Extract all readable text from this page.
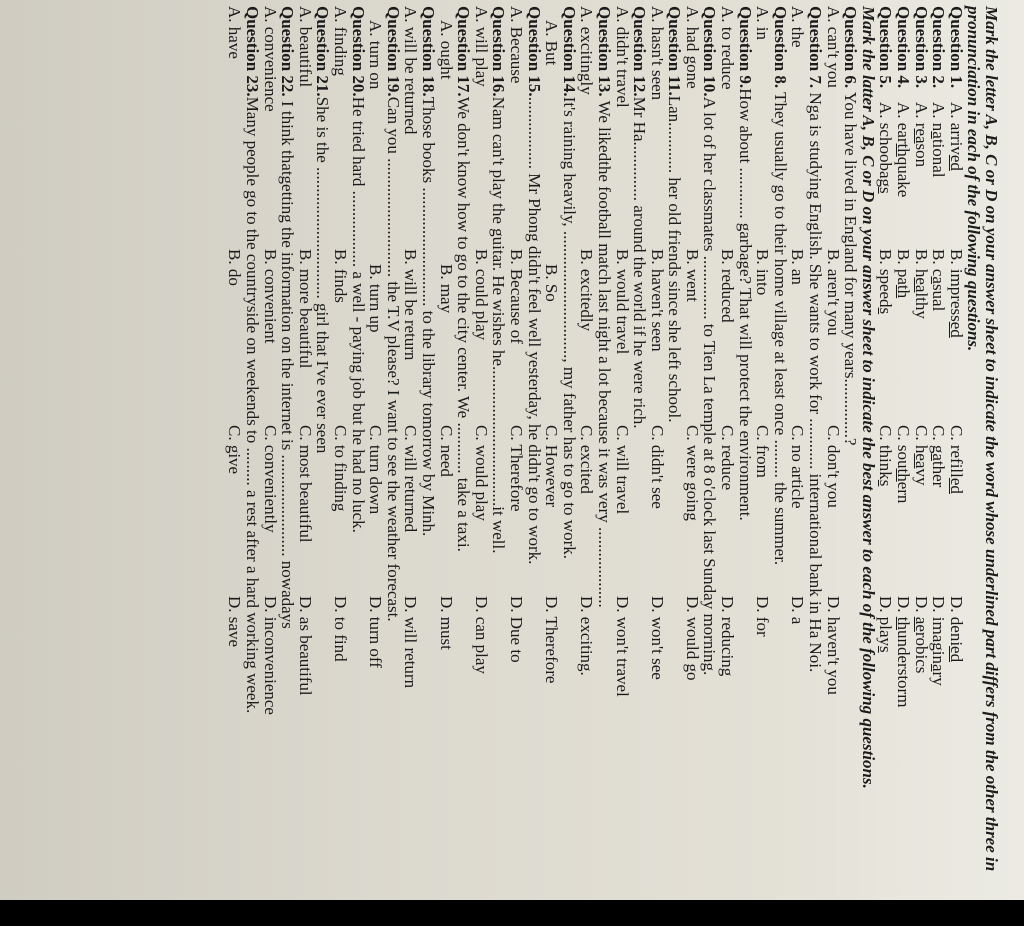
Mark the letter A, B, C or D on your answer sheet to indicate the word whose underlined part differs from the other three in pronunciation in each of the following questions.
Question 1.
A. arrived
B. impressed
C. refilled
D. denied
Question 2.
A. national
B. casual
C. gather
D. imaginary
Question 3.
A. reason
B. healthy
C. heavy
D. aerobics
Question 4.
A. earthquake
B. path
C. southern
D. thunderstorm
Question 5.
A. schoobags
B. speeds
C. thinks
D. plays
Mark the latter A, B, C or D on your answer sheet to indicate the best answer to each of the following questions.
Question 6. You have lived in England for many years..............?
A. can't you
B. aren't you
C. don't you
D. haven't you
Question 7. Nga is studying English. She wants to work for ............ international bank in Ha Noi.
A. the
B. an
C. no article
D. a
Question 8. They usually go to their home village at least once ......... the summer.
A. in
B. into
C. from
D. for
Question 9.How about ............ garbage? That will protect the environment.
A. to reduce
B. reduced
C. reduce
D. reducing
Question 10.A lot of her classmates ............... to Tien La temple at 8 o'clock last Sunday morning.
A. had gone
B. went
C. were going
D. would go
Question 11.Lan............ her old friends since she left school.
A. hasn't seen
B. haven't seen
C. didn't see
D. won't see
Question 12.Mr Ha.............. around the world if he were rich.
A. didn't travel
B. would travel
C. will travel
D. won't travel
Question 13. We likedthe football match last night a lot because it was very ...................
A. excitingly
B. excitedly
C. excited
D. exciting.
Question 14.It's raining heavily, .............................., my father has to go to work.
A. But
B. So
C. However
D. Therefore
Question 15.................. Mr Phong didn't feel well yesterday, he didn't go to work.
A. Because
B. Because of
C. Therefore
D. Due to
Question 16.Nam can't play the guitar. He wishes he.................................it well.
A. will play
B. could play
C. would play
D. can play
Question 17.We don't know how to go to the city center. We ............ take a taxi.
A. ought
B. may
C. need
D. must
Question 18.Those books ............................ to the library tomorrow by Minh.
A. will be returned
B. will be return
C. will returned
D. will return
Question 19.Can you ............................ the T.V please? I want to see the weather forecast.
A. turn on
B. turn up
C. turn down
D. turn off
Question 20.He tried hard .................. a well - paying job but he had no luck.
A. finding
B. finds
C. to finding
D. to find
Question 21.She is the ............................... girl that I've ever seen
A. beautiful
B. more beautiful
C. most beautiful
D. as beautiful
Question 22. I think thatgetting the information on the internet is ........................ nowadays
A. convenience
B. convenient
C. conveniently
D. inconvenience
Question 23.Many people go to the countryside on weekends to ......... a rest after a hard working week.
A. have
B. do
C. give
D. save
